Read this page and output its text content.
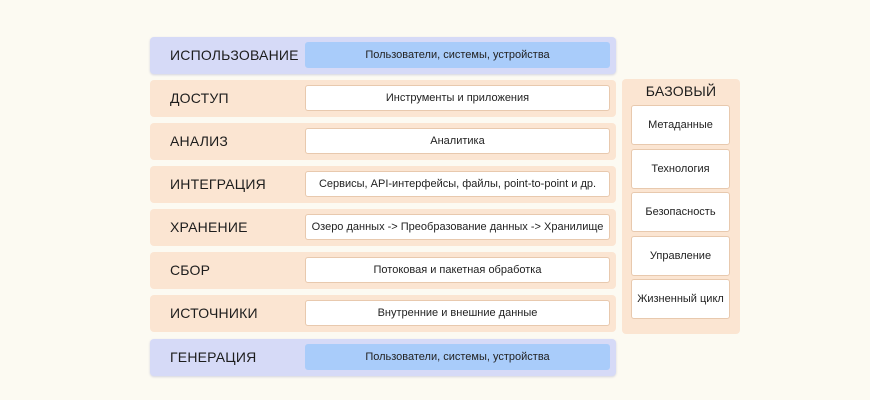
ИСПОЛЬЗОВАНИЕ	Пользователи, системы, устройства
ДОСТУП	Инструменты и приложения
АНАЛИЗ	Аналитика
ИНТЕГРАЦИЯ	Сервисы, API-интерфейсы, файлы, point-to-point и др.
ХРАНЕНИЕ	Озеро данных -> Преобразование данных -> Хранилище
СБОР	Потоковая и пакетная обработка
ИСТОЧНИКИ	Внутренние и внешние данные
ГЕНЕРАЦИЯ	Пользователи, системы, устройства
БАЗОВЫЙ
Метаданные
Технология
Безопасность
Управление
Жизненный цикл
